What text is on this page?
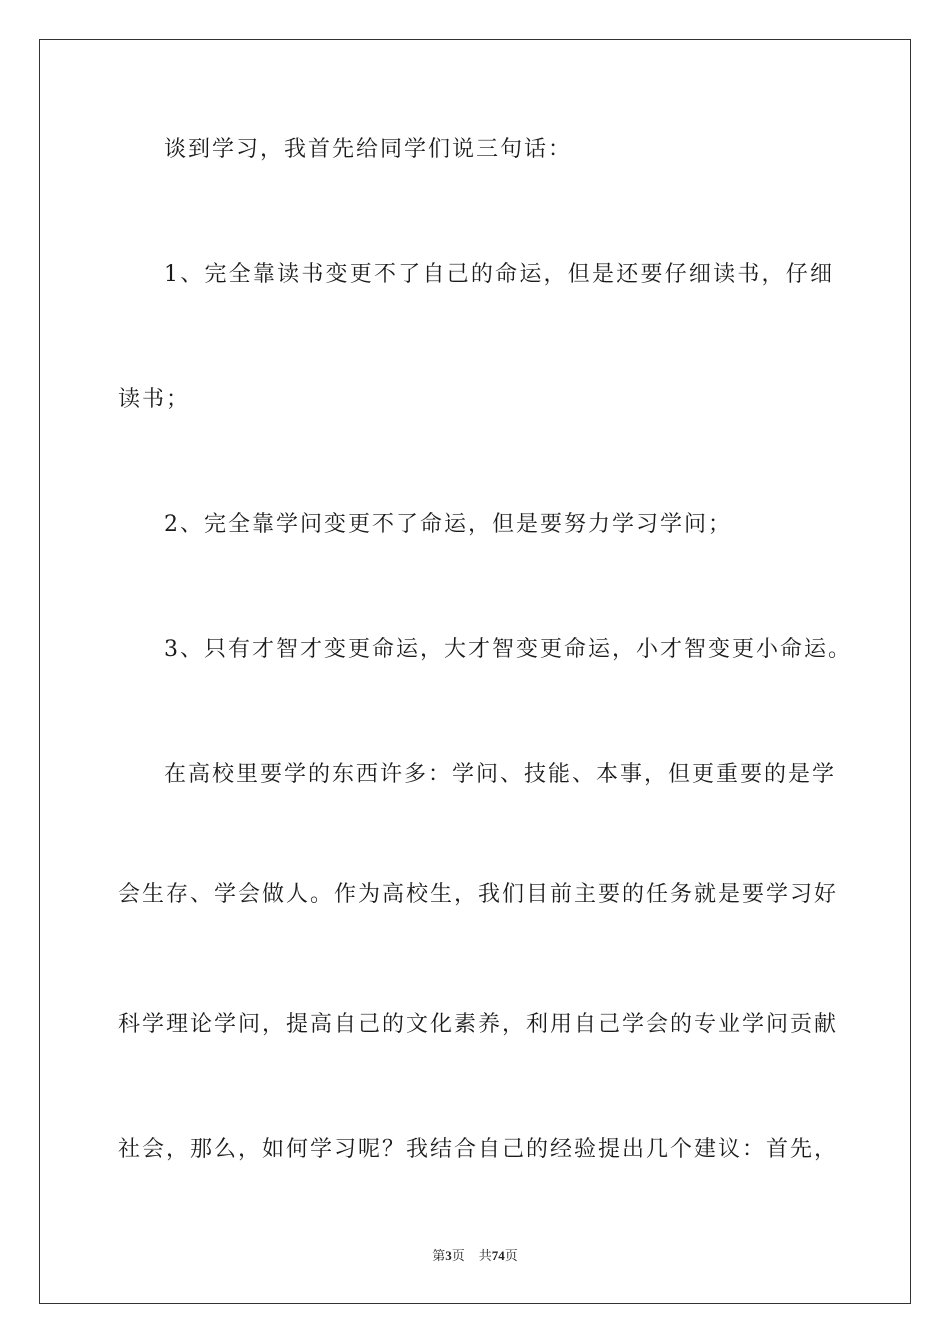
谈到学习，我首先给同学们说三句话：
1、完全靠读书变更不了自己的命运，但是还要仔细读书，仔细
读书；
2、完全靠学问变更不了命运，但是要努力学习学问；
3、只有才智才变更命运，大才智变更命运，小才智变更小命运。
在高校里要学的东西许多：学问、技能、本事，但更重要的是学
会生存、学会做人。作为高校生，我们目前主要的任务就是要学习好
科学理论学问，提高自己的文化素养，利用自己学会的专业学问贡献
社会，那么，如何学习呢？我结合自己的经验提出几个建议：首先，
第3页 共74页
